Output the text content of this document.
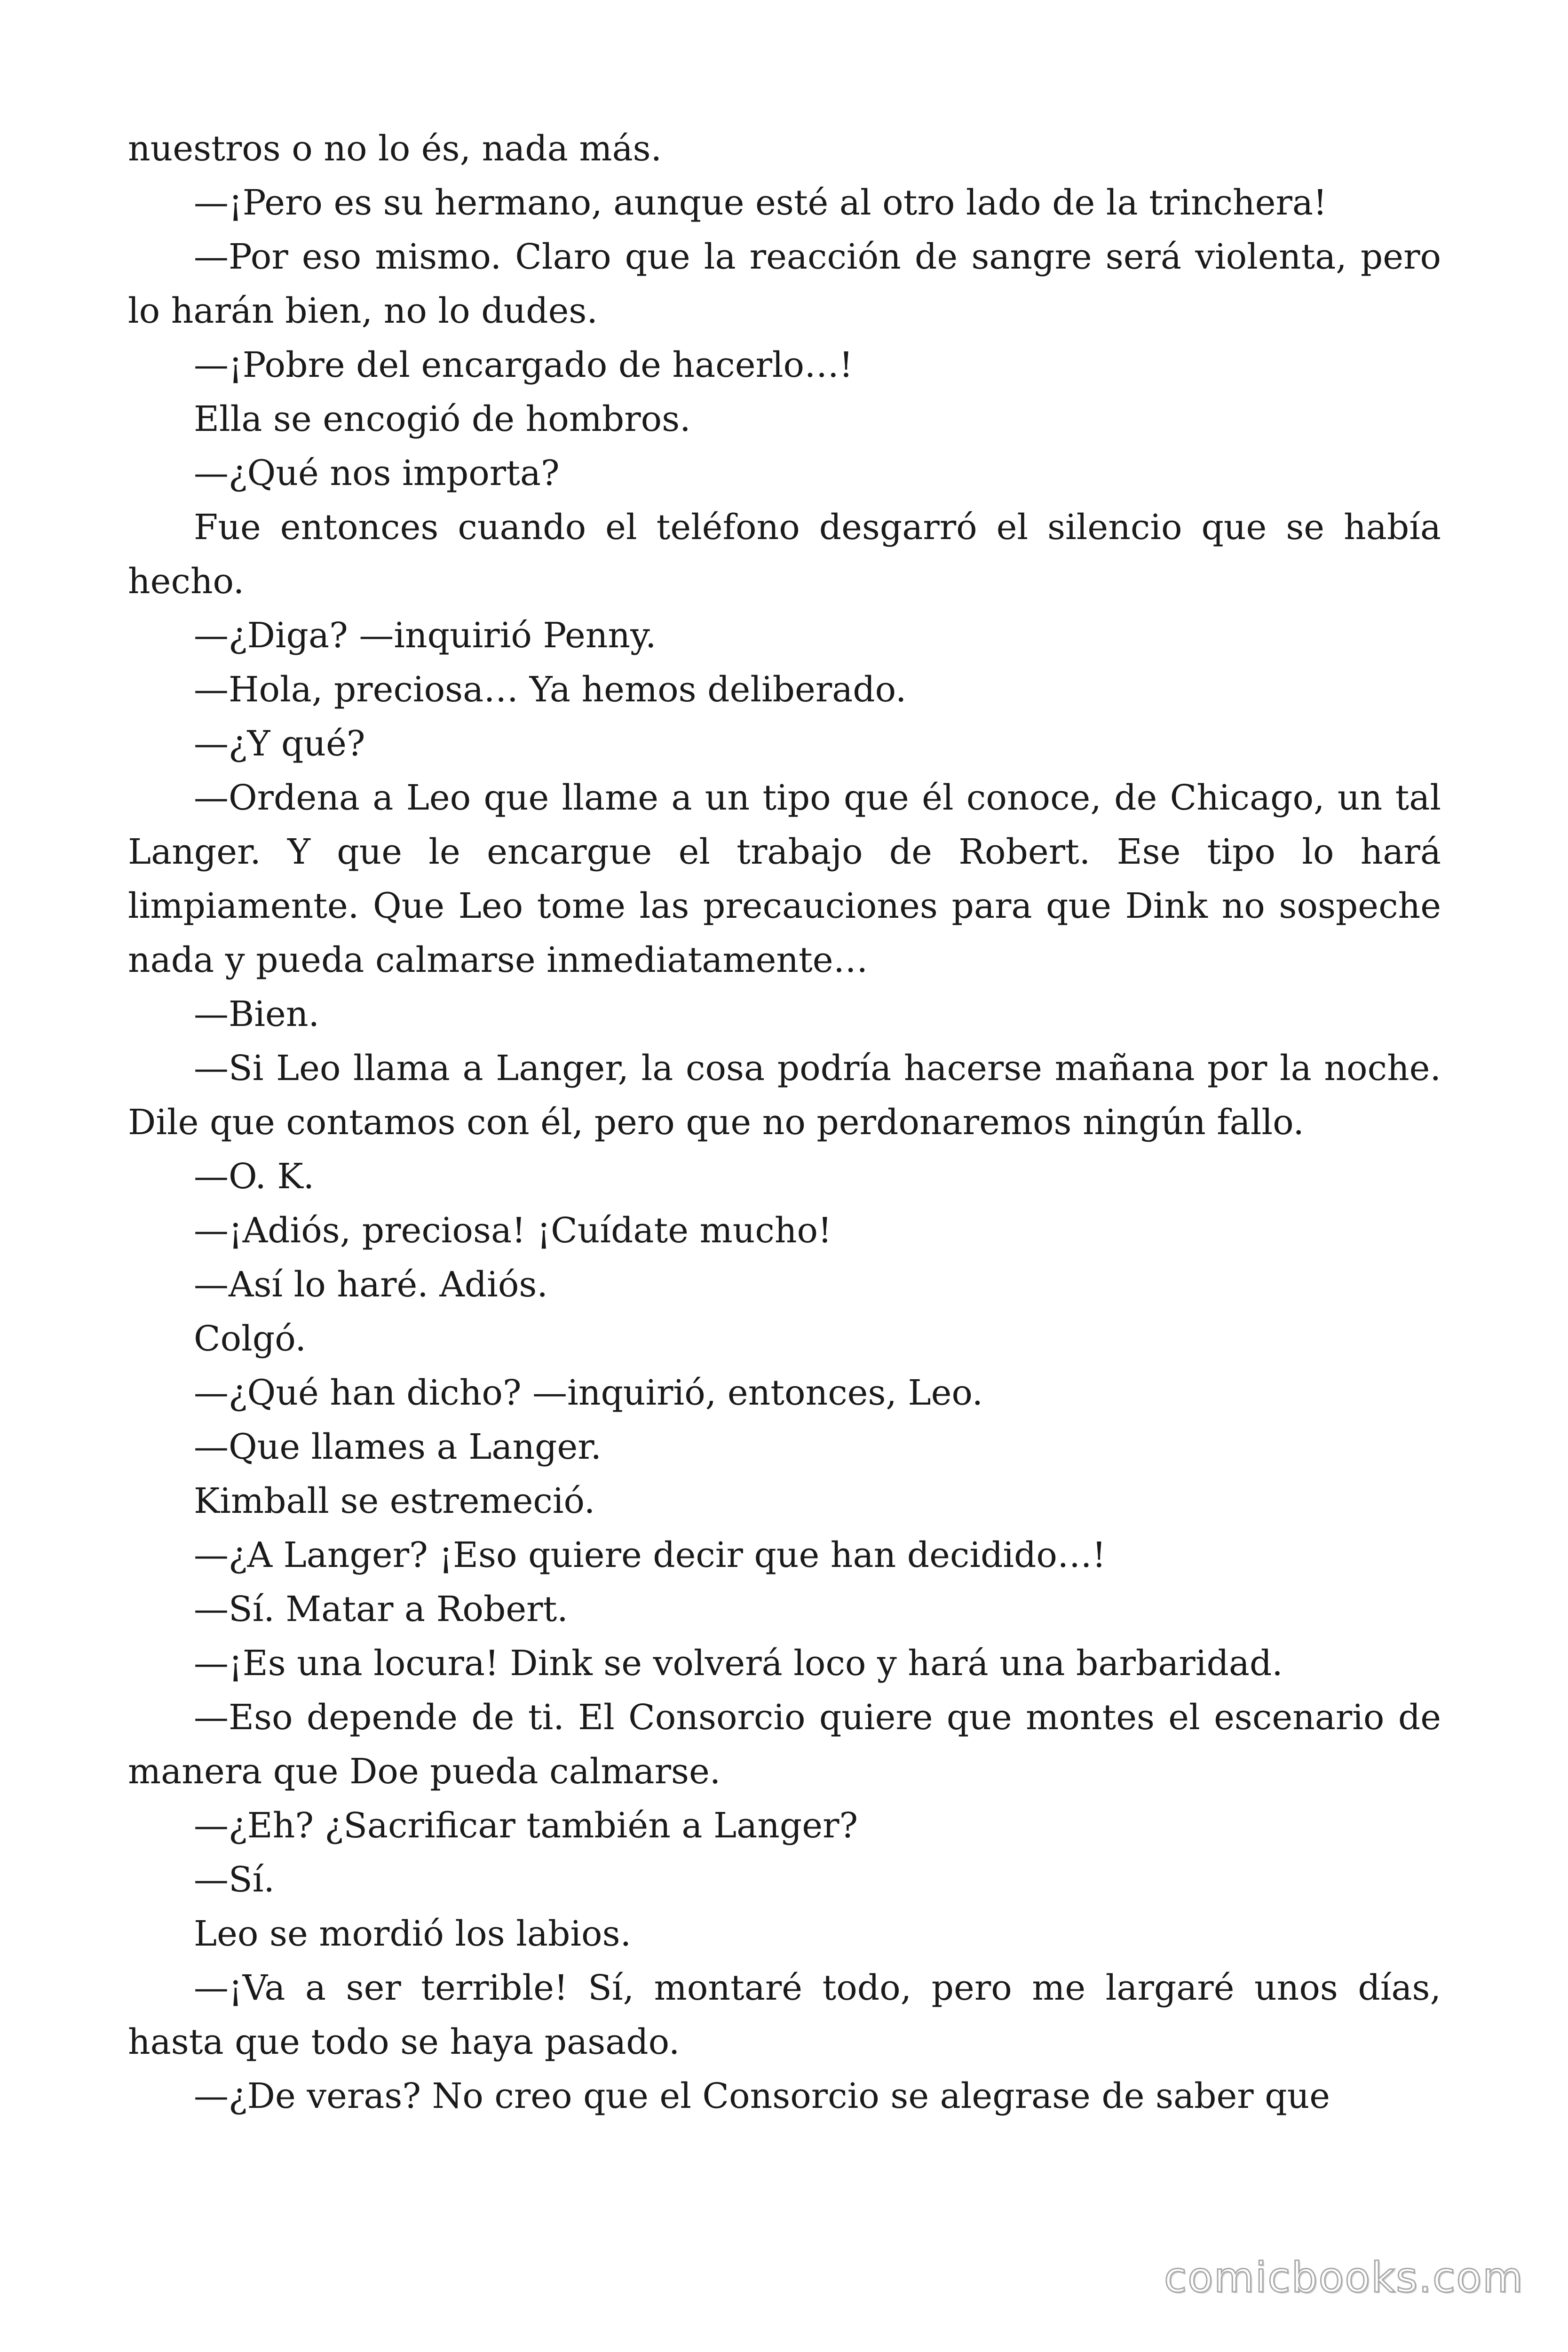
nuestros o no lo és, nada más.

—¡Pero es su hermano, aunque esté al otro lado de la trinchera!

—Por eso mismo. Claro que la reacción de sangre será violenta, pero lo harán bien, no lo dudes.

—¡Pobre del encargado de hacerlo…!

Ella se encogió de hombros.

—¿Qué nos importa?

Fue entonces cuando el teléfono desgarró el silencio que se había hecho.

—¿Diga? —inquirió Penny.

—Hola, preciosa… Ya hemos deliberado.

—¿Y qué?

—Ordena a Leo que llame a un tipo que él conoce, de Chicago, un tal Langer. Y que le encargue el trabajo de Robert. Ese tipo lo hará limpiamente. Que Leo tome las precauciones para que Dink no sospeche nada y pueda calmarse inmediatamente…

—Bien.

—Si Leo llama a Langer, la cosa podría hacerse mañana por la noche. Dile que contamos con él, pero que no perdonaremos ningún fallo.

—O. K.

—¡Adiós, preciosa! ¡Cuídate mucho!

—Así lo haré. Adiós.

Colgó.

—¿Qué han dicho? —inquirió, entonces, Leo.

—Que llames a Langer.

Kimball se estremeció.

—¿A Langer? ¡Eso quiere decir que han decidido…!

—Sí. Matar a Robert.

—¡Es una locura! Dink se volverá loco y hará una barbaridad.

—Eso depende de ti. El Consorcio quiere que montes el escenario de manera que Doe pueda calmarse.

—¿Eh? ¿Sacrificar también a Langer?

—Sí.

Leo se mordió los labios.

—¡Va a ser terrible! Sí, montaré todo, pero me largaré unos días, hasta que todo se haya pasado.

—¿De veras? No creo que el Consorcio se alegrase de saber que

comicbooks.com
